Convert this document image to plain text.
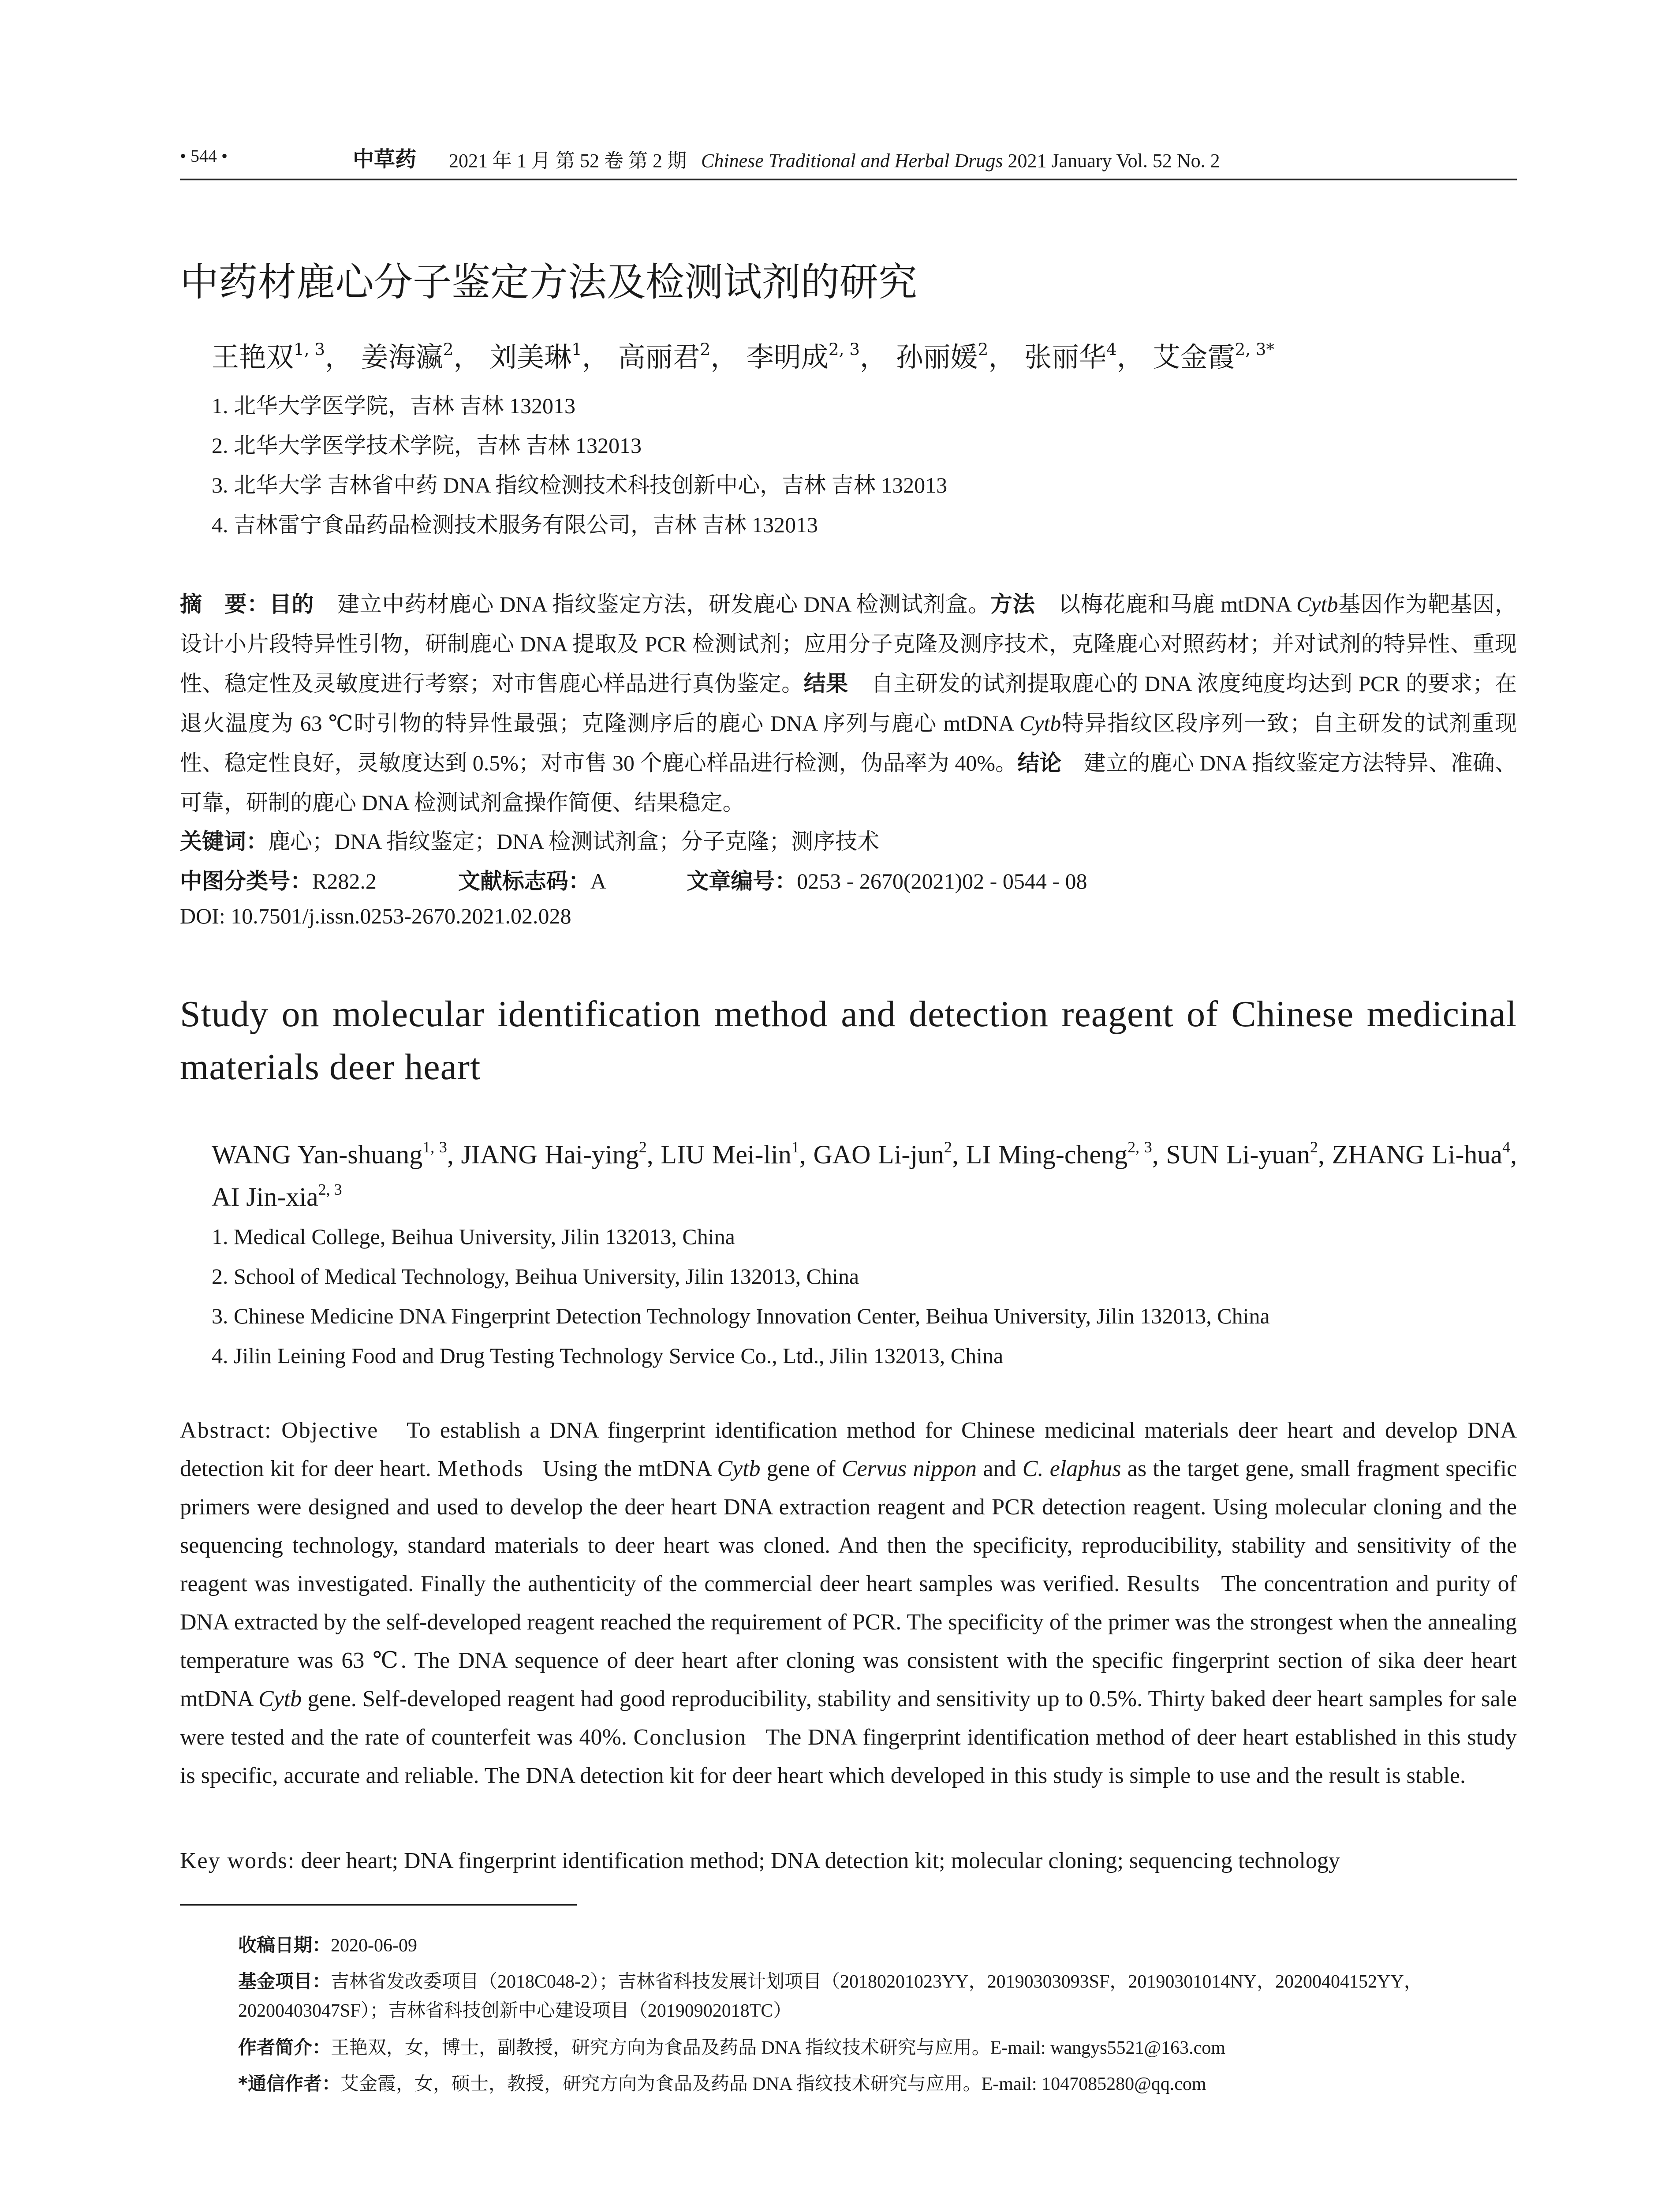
• 544 •	中草药 2021 年 1 月 第 52 卷 第 2 期 Chinese Traditional and Herbal Drugs 2021 January Vol. 52 No. 2
中药材鹿心分子鉴定方法及检测试剂的研究
王艳双$^{1, 3}$， 姜海瀛$^2$， 刘美琳$^1$， 高丽君$^2$， 李明成$^{2, 3}$， 孙丽媛$^2$， 张丽华$^4$， 艾金霞$^{2, 3*}$
1. 北华大学医学院，吉林 吉林 132013
2. 北华大学医学技术学院，吉林 吉林 132013
3. 北华大学 吉林省中药 DNA 指纹检测技术科技创新中心，吉林 吉林 132013
4. 吉林雷宁食品药品检测技术服务有限公司，吉林 吉林 132013
摘　要：目的 建立中药材鹿心 DNA 指纹鉴定方法，研发鹿心 DNA 检测试剂盒。方法 以梅花鹿和马鹿 mtDNA Cytb基因作为靶基因，设计小片段特异性引物，研制鹿心 DNA 提取及 PCR 检测试剂；应用分子克隆及测序技术，克隆鹿心对照药材；并对试剂的特异性、重现性、稳定性及灵敏度进行考察；对市售鹿心样品进行真伪鉴定。结果 自主研发的试剂提取鹿心的 DNA 浓度纯度均达到 PCR 的要求；在退火温度为 63 ℃时引物的特异性最强；克隆测序后的鹿心 DNA 序列与鹿心 mtDNA Cytb特异指纹区段序列一致；自主研发的试剂重现性、稳定性良好，灵敏度达到 0.5%；对市售 30 个鹿心样品进行检测，伪品率为 40%。结论 建立的鹿心 DNA 指纹鉴定方法特异、准确、可靠，研制的鹿心 DNA 检测试剂盒操作简便、结果稳定。
关键词：鹿心；DNA 指纹鉴定；DNA 检测试剂盒；分子克隆；测序技术
中图分类号：R282.2	文献标志码：A	文章编号：0253 - 2670(2021)02 - 0544 - 08
DOI: 10.7501/j.issn.0253-2670.2021.02.028
Study on molecular identification method and detection reagent of Chinese medicinal materials deer heart
WANG Yan-shuang$^{1, 3}$, JIANG Hai-ying$^2$, LIU Mei-lin$^1$, GAO Li-jun$^2$, LI Ming-cheng$^{2, 3}$, SUN Li-yuan$^2$, ZHANG Li-hua$^4$, AI Jin-xia$^{2, 3}$
1. Medical College, Beihua University, Jilin 132013, China
2. School of Medical Technology, Beihua University, Jilin 132013, China
3. Chinese Medicine DNA Fingerprint Detection Technology Innovation Center, Beihua University, Jilin 132013, China
4. Jilin Leining Food and Drug Testing Technology Service Co., Ltd., Jilin 132013, China
Abstract: Objective To establish a DNA fingerprint identification method for Chinese medicinal materials deer heart and develop DNA detection kit for deer heart. Methods Using the mtDNA Cytb gene of Cervus nippon and C. elaphus as the target gene, small fragment specific primers were designed and used to develop the deer heart DNA extraction reagent and PCR detection reagent. Using molecular cloning and the sequencing technology, standard materials to deer heart was cloned. And then the specificity, reproducibility, stability and sensitivity of the reagent was investigated. Finally the authenticity of the commercial deer heart samples was verified. Results The concentration and purity of DNA extracted by the self-developed reagent reached the requirement of PCR. The specificity of the primer was the strongest when the annealing temperature was 63 ℃. The DNA sequence of deer heart after cloning was consistent with the specific fingerprint section of sika deer heart mtDNA Cytb gene. Self-developed reagent had good reproducibility, stability and sensitivity up to 0.5%. Thirty baked deer heart samples for sale were tested and the rate of counterfeit was 40%. Conclusion The DNA fingerprint identification method of deer heart established in this study is specific, accurate and reliable. The DNA detection kit for deer heart which developed in this study is simple to use and the result is stable.
Key words: deer heart; DNA fingerprint identification method; DNA detection kit; molecular cloning; sequencing technology
收稿日期：2020-06-09
基金项目：吉林省发改委项目（2018C048-2）；吉林省科技发展计划项目（20180201023YY，20190303093SF，20190301014NY，20200404152YY，20200403047SF）；吉林省科技创新中心建设项目（20190902018TC）
作者简介：王艳双，女，博士，副教授，研究方向为食品及药品 DNA 指纹技术研究与应用。E-mail: wangys5521@163.com
*通信作者：艾金霞，女，硕士，教授，研究方向为食品及药品 DNA 指纹技术研究与应用。E-mail: 1047085280@qq.com
